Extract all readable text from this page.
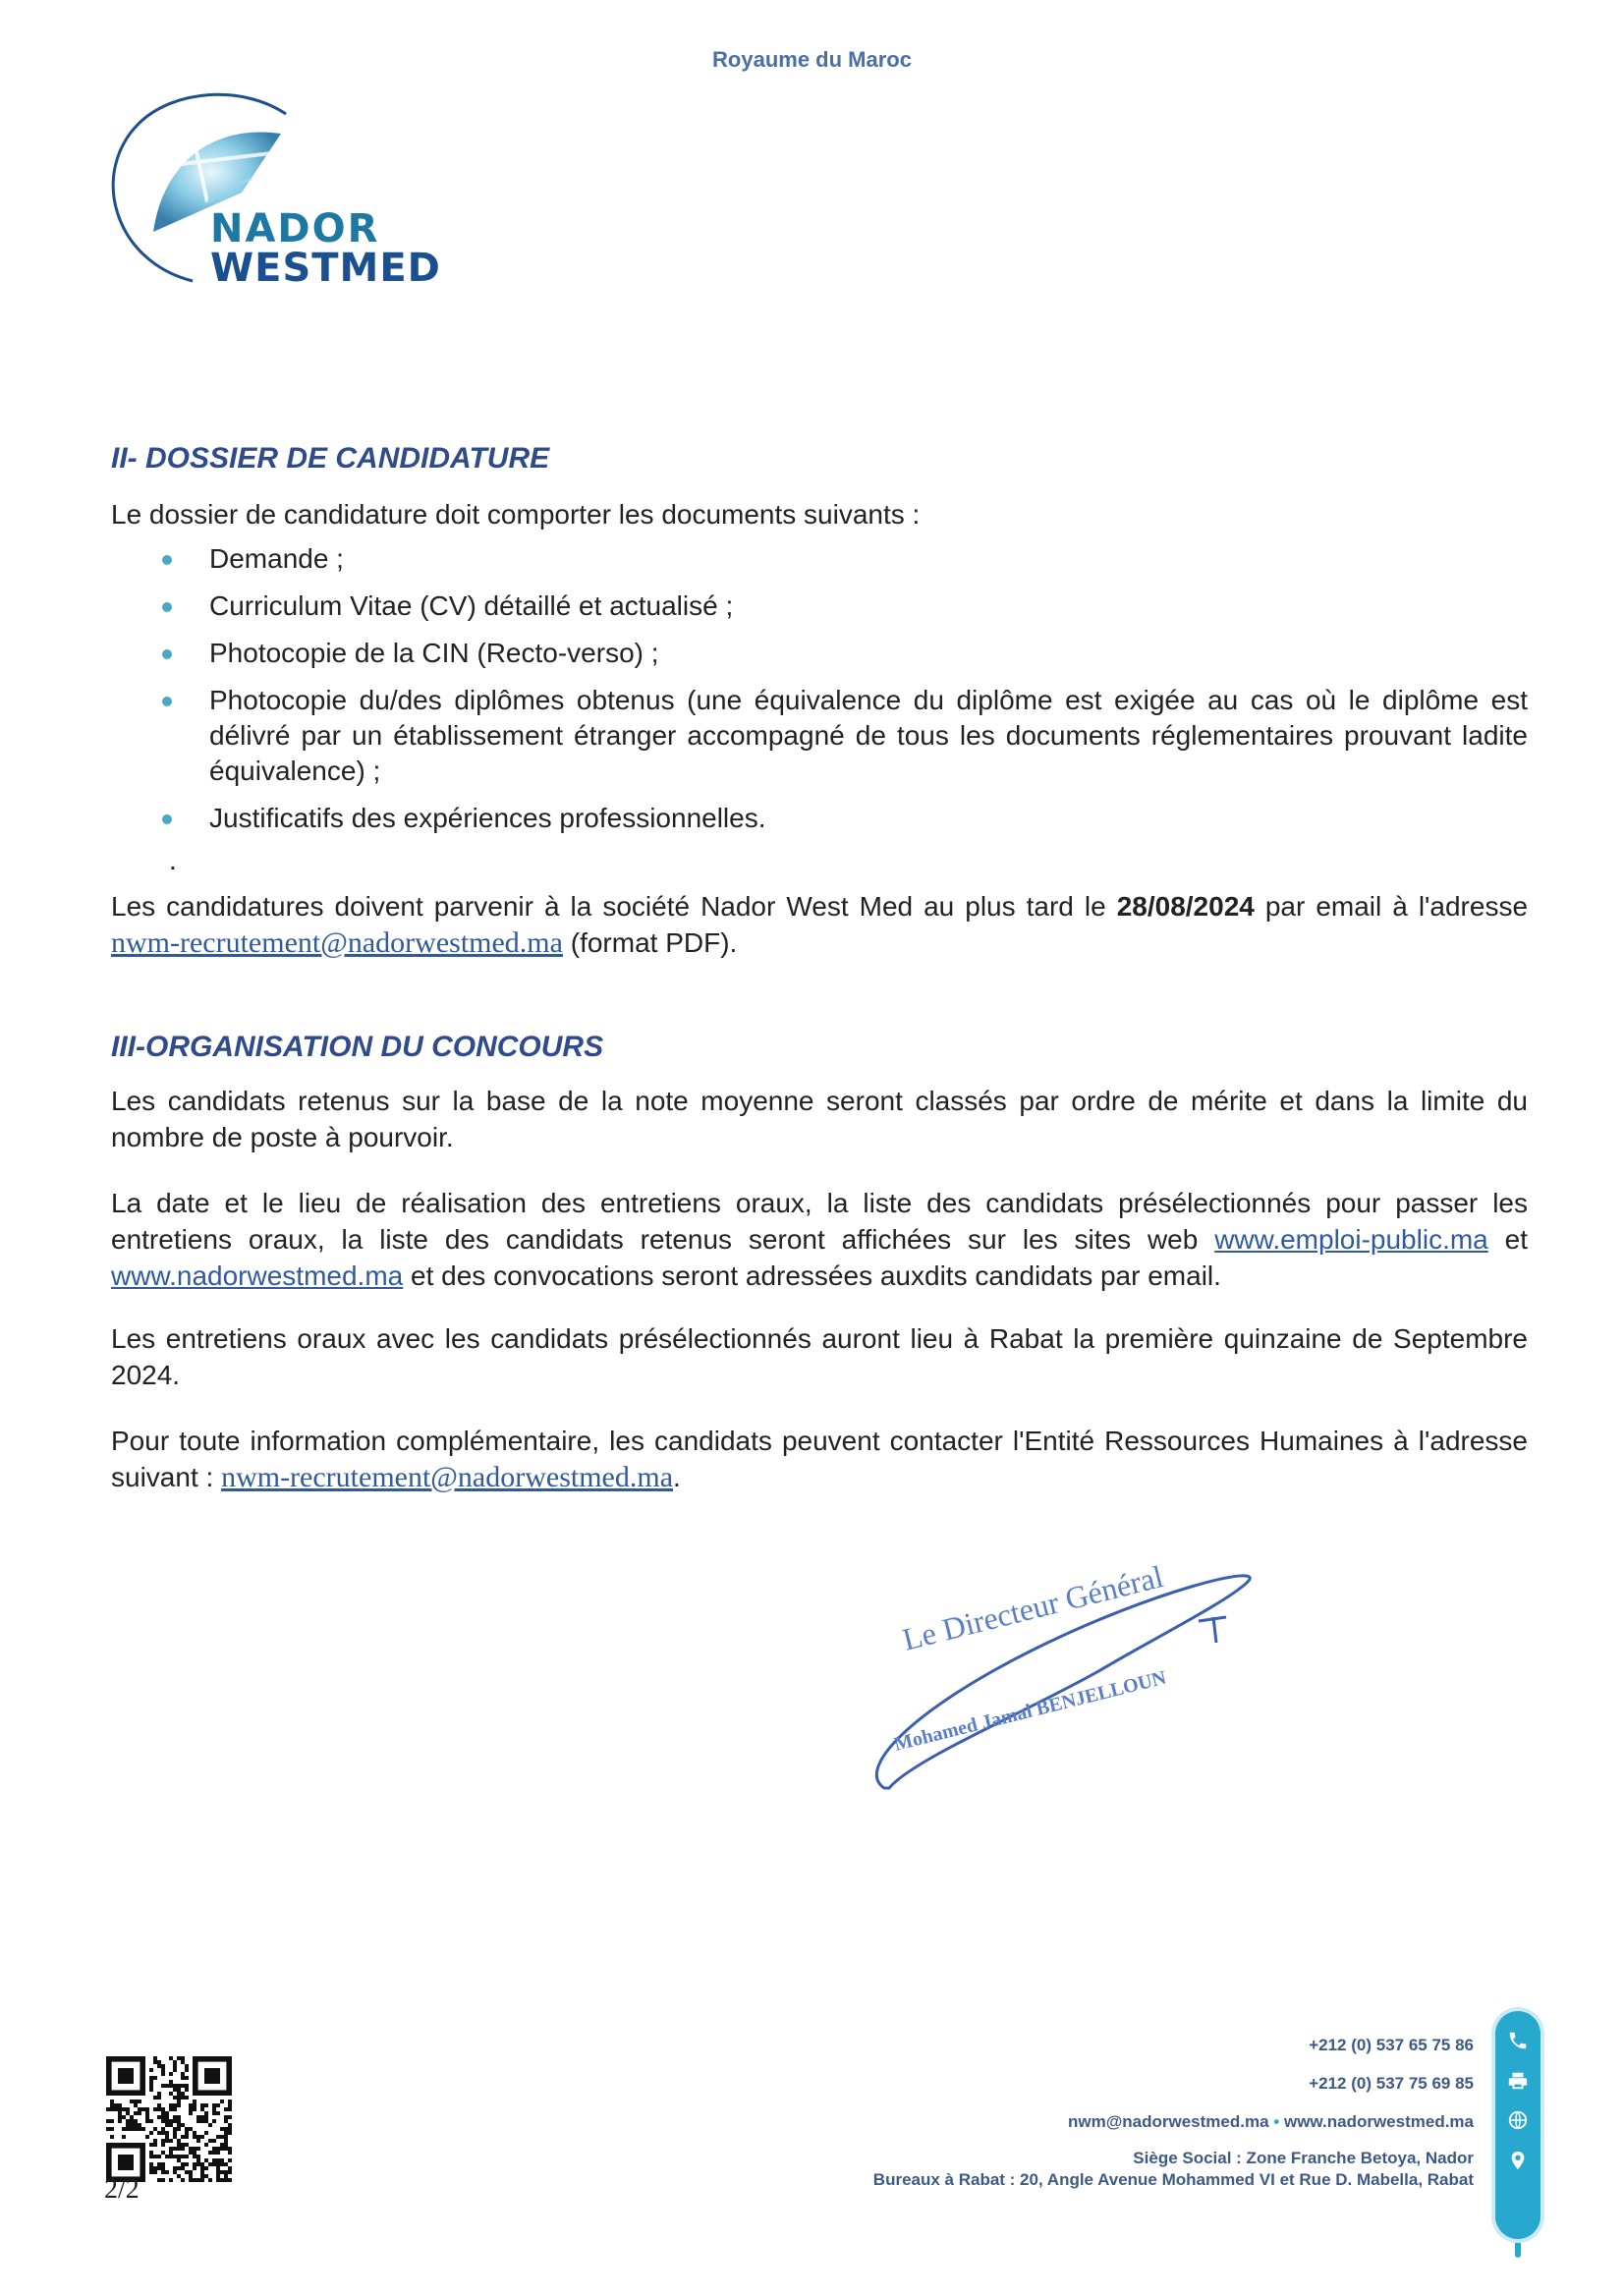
Royaume du Maroc
NADOR
WESTMED
II- DOSSIER DE CANDIDATURE
Le dossier de candidature doit comporter les documents suivants :
Demande ;
Curriculum Vitae (CV) détaillé et actualisé ;
Photocopie de la CIN (Recto-verso) ;
Photocopie du/des diplômes obtenus (une équivalence du diplôme est exigée au cas où le diplôme est délivré par un établissement étranger accompagné de tous les documents réglementaires prouvant ladite équivalence) ;
Justificatifs des expériences professionnelles.
.
Les candidatures doivent parvenir à la société Nador West Med au plus tard le 28/08/2024 par email à l'adresse nwm-recrutement@nadorwestmed.ma (format PDF).
III-ORGANISATION DU CONCOURS
Les candidats retenus sur la base de la note moyenne seront classés par ordre de mérite et dans la limite du nombre de poste à pourvoir.
La date et le lieu de réalisation des entretiens oraux, la liste des candidats présélectionnés pour passer les entretiens oraux, la liste des candidats retenus seront affichées sur les sites web www.emploi-public.ma et www.nadorwestmed.ma et des convocations seront adressées auxdits candidats par email.
Les entretiens oraux avec les candidats présélectionnés auront lieu à Rabat la première quinzaine de Septembre 2024.
Pour toute information complémentaire, les candidats peuvent contacter l'Entité Ressources Humaines à l'adresse suivant : nwm-recrutement@nadorwestmed.ma.
Le Directeur Général
Mohamed Jamal BENJELLOUN
2/2
+212 (0) 537 65 75 86
+212 (0) 537 75 69 85
nwm@nadorwestmed.ma • www.nadorwestmed.ma
Siège Social : Zone Franche Betoya, Nador
Bureaux à Rabat : 20, Angle Avenue Mohammed VI et Rue D. Mabella, Rabat
